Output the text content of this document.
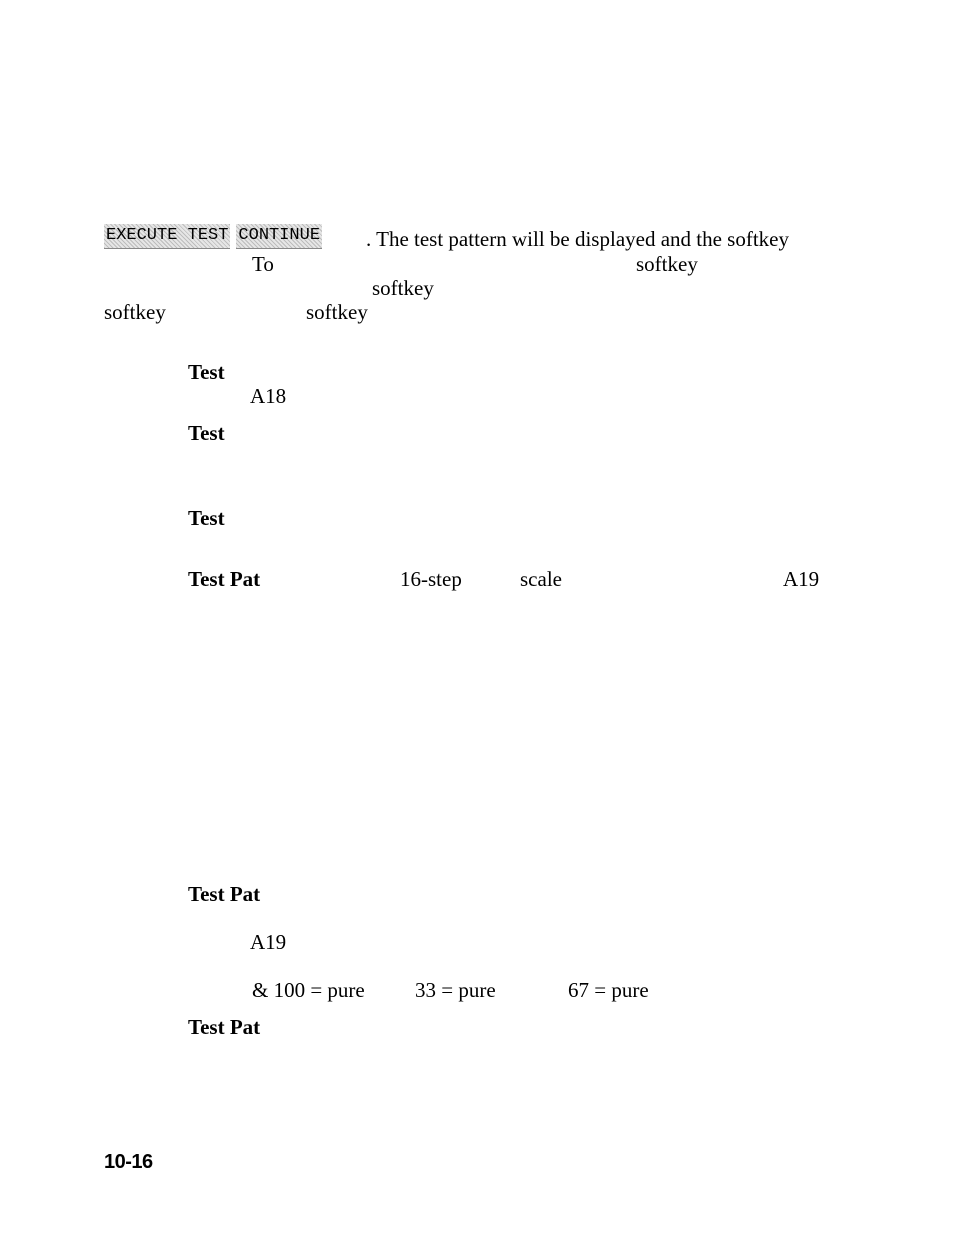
EXECUTE TEST CONTINUE	. The test pattern will be displayed and the softkey
To	softkey
softkey
softkey	softkey
Test
A18
Test
Test
Test Pat	16-step	scale	A19
Test Pat
A19
& 100 = pure 33 = pure	67 = pure
Test Pat
10-16
